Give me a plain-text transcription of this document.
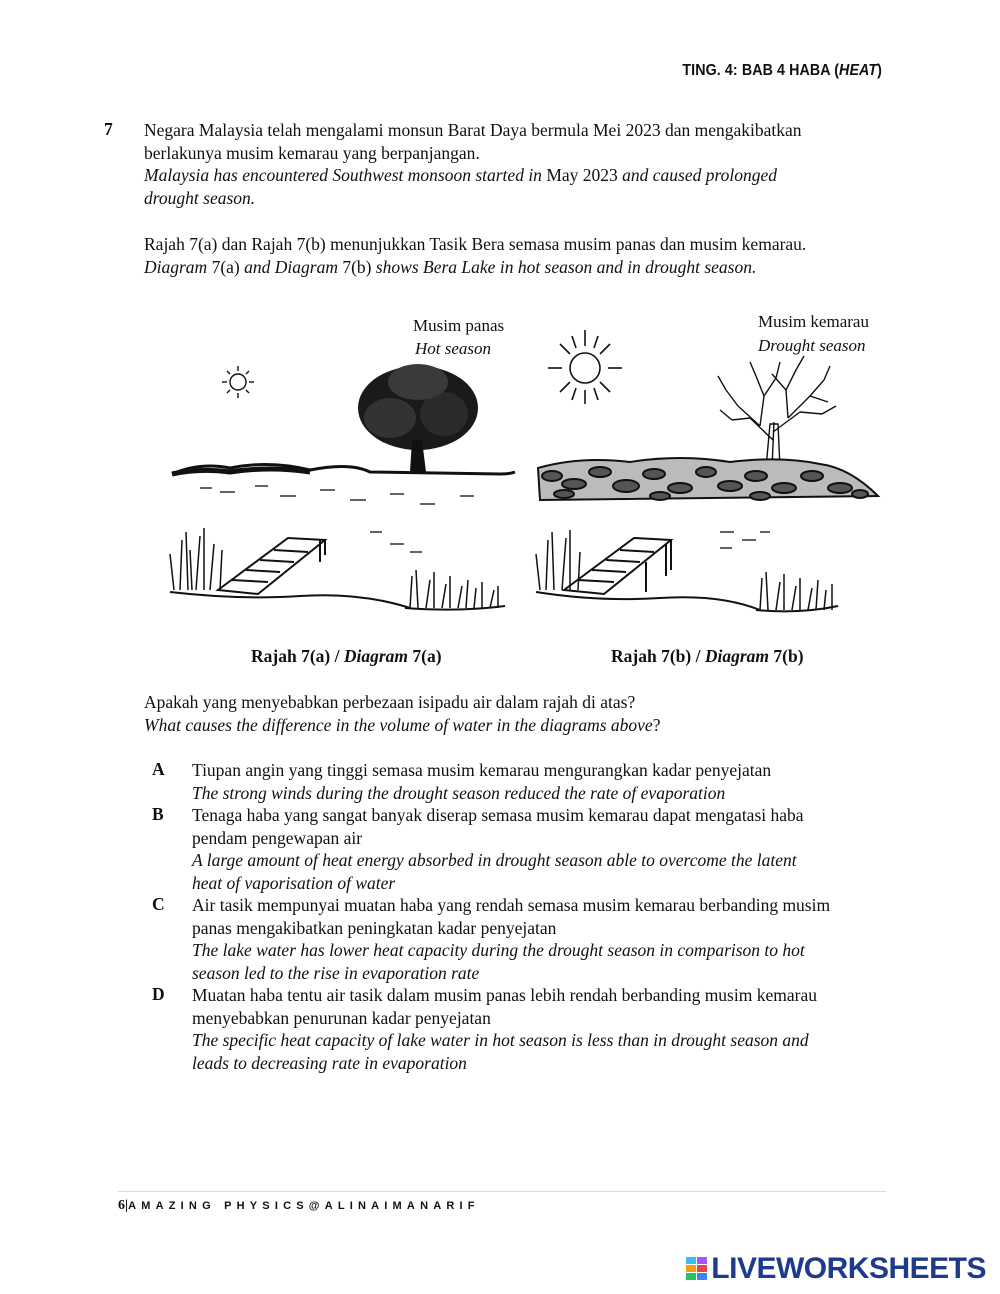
TING. 4: BAB 4 HABA (HEAT)
7 Negara Malaysia telah mengalami monsun Barat Daya bermula Mei 2023 dan mengakibatkan
berlakunya musim kemarau yang berpanjangan.
Malaysia has encountered Southwest monsoon started in May 2023 and caused prolonged
drought season.
Rajah 7(a) dan Rajah 7(b) menunjukkan Tasik Bera semasa musim panas dan musim kemarau.
Diagram 7(a) and Diagram 7(b) shows Bera Lake in hot season and in drought season.
Musim panas
Hot season
Musim kemarau
Drought season
Rajah 7(a) / Diagram 7(a)	Rajah 7(b) / Diagram 7(b)
Apakah yang menyebabkan perbezaan isipadu air dalam rajah di atas?
What causes the difference in the volume of water in the diagrams above?
A Tiupan angin yang tinggi semasa musim kemarau mengurangkan kadar penyejatan
The strong winds during the drought season reduced the rate of evaporation
B Tenaga haba yang sangat banyak diserap semasa musim kemarau dapat mengatasi haba
pendam pengewapan air
A large amount of heat energy absorbed in drought season able to overcome the latent
heat of vaporisation of water
C Air tasik mempunyai muatan haba yang rendah semasa musim kemarau berbanding musim
panas mengakibatkan peningkatan kadar penyejatan
The lake water has lower heat capacity during the drought season in comparison to hot
season led to the rise in evaporation rate
D Muatan haba tentu air tasik dalam musim panas lebih rendah berbanding musim kemarau
menyebabkan penurunan kadar penyejatan
The specific heat capacity of lake water in hot season is less than in drought season and
leads to decreasing rate in evaporation
6|AMAZING PHYSICS@ALINAIMANARIF
LIVEWORKSHEETS
